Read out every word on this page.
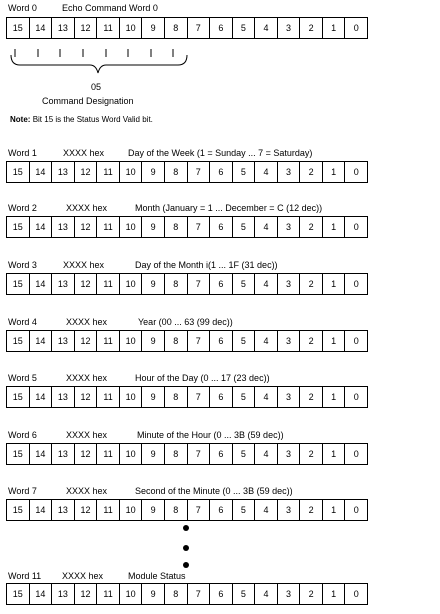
Word 0	Echo Command Word 0
15	14	13	12	11	10	9	8	7	6	5	4	3	2	1	0
05
Command Designation
Note: Bit 15 is the Status Word Valid bit.
Word 1	XXXX hex	Day of the Week (1 = Sunday ... 7 = Saturday)
15	14	13	12	11	10	9	8	7	6	5	4	3	2	1	0
Word 2	XXXX hex	Month (January = 1 ... December = C (12 dec))
15	14	13	12	11	10	9	8	7	6	5	4	3	2	1	0
Word 3	XXXX hex	Day of the Month i(1 ... 1F (31 dec))
15	14	13	12	11	10	9	8	7	6	5	4	3	2	1	0
Word 4	XXXX hex	Year (00 ... 63 (99 dec))
15	14	13	12	11	10	9	8	7	6	5	4	3	2	1	0
Word 5	XXXX hex	Hour of the Day (0 ... 17 (23 dec))
15	14	13	12	11	10	9	8	7	6	5	4	3	2	1	0
Word 6	XXXX hex	Minute of the Hour (0 ... 3B (59 dec))
15	14	13	12	11	10	9	8	7	6	5	4	3	2	1	0
Word 7	XXXX hex	Second of the Minute (0 ... 3B (59 dec))
15	14	13	12	11	10	9	8	7	6	5	4	3	2	1	0
Word 11 XXXX hex	Module Status
15	14	13	12	11	10	9	8	7	6	5	4	3	2	1	0
